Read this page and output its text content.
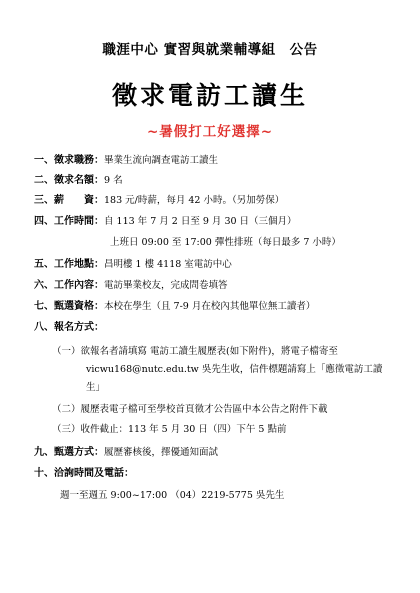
職涯中心 實習與就業輔導組 公告
徵求電訪工讀生
~暑假打工好選擇~
一、徵求職務：畢業生流向調查電訪工讀生
二、徵求名額：9 名
三、薪　　資：183 元/時薪，每月 42 小時。（另加勞保）
四、工作時間：自 113 年 7 月 2 日至 9 月 30 日（三個月）
上班日 09:00 至 17:00 彈性排班（每日最多 7 小時）
五、工作地點：昌明樓 1 樓 4118 室電訪中心
六、工作內容：電訪畢業校友，完成問卷填答
七、甄選資格：本校在學生（且 7-9 月在校內其他單位無工讀者）
八、報名方式：
（一）欲報名者請填寫 電訪工讀生履歷表(如下附件)，將電子檔寄至
vicwu168@nutc.edu.tw 吳先生收，信件標題請寫上「應徵電訪工讀
生」
（二）履歷表電子檔可至學校首頁徵才公告區中本公告之附件下載
（三）收件截止：113 年 5 月 30 日（四）下午 5 點前
九、甄選方式：履歷審核後，擇優通知面試
十、洽詢時間及電話：
週一至週五 9:00~17:00 （04）2219-5775 吳先生
